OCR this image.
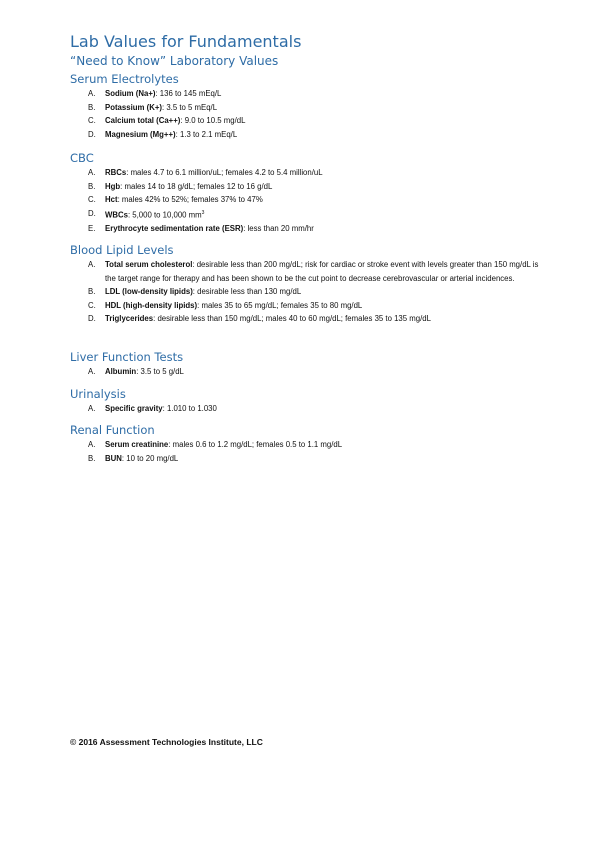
Lab Values for Fundamentals
“Need to Know” Laboratory Values
Serum Electrolytes
A. Sodium (Na+): 136 to 145 mEq/L
B. Potassium (K+): 3.5 to 5 mEq/L
C. Calcium total (Ca++): 9.0 to 10.5 mg/dL
D. Magnesium (Mg++): 1.3 to 2.1 mEq/L
CBC
A. RBCs: males 4.7 to 6.1 million/uL; females 4.2 to 5.4 million/uL
B. Hgb: males 14 to 18 g/dL; females 12 to 16 g/dL
C. Hct: males 42% to 52%; females 37% to 47%
D. WBCs: 5,000 to 10,000 $mm^3$
E. Erythrocyte sedimentation rate (ESR): less than 20 mm/hr
Blood Lipid Levels
A. Total serum cholesterol: desirable less than 200 mg/dL; risk for cardiac or stroke event with levels greater than 150 mg/dL is the target range for therapy and has been shown to be the cut point to decrease cerebrovascular or arterial incidences.
B. LDL (low-density lipids): desirable less than 130 mg/dL
C. HDL (high-density lipids): males 35 to 65 mg/dL; females 35 to 80 mg/dL
D. Triglycerides: desirable less than 150 mg/dL; males 40 to 60 mg/dL; females 35 to 135 mg/dL
Liver Function Tests
A. Albumin: 3.5 to 5 g/dL
Urinalysis
A. Specific gravity: 1.010 to 1.030
Renal Function
A. Serum creatinine: males 0.6 to 1.2 mg/dL; females 0.5 to 1.1 mg/dL
B. BUN: 10 to 20 mg/dL
© 2016 Assessment Technologies Institute, LLC
